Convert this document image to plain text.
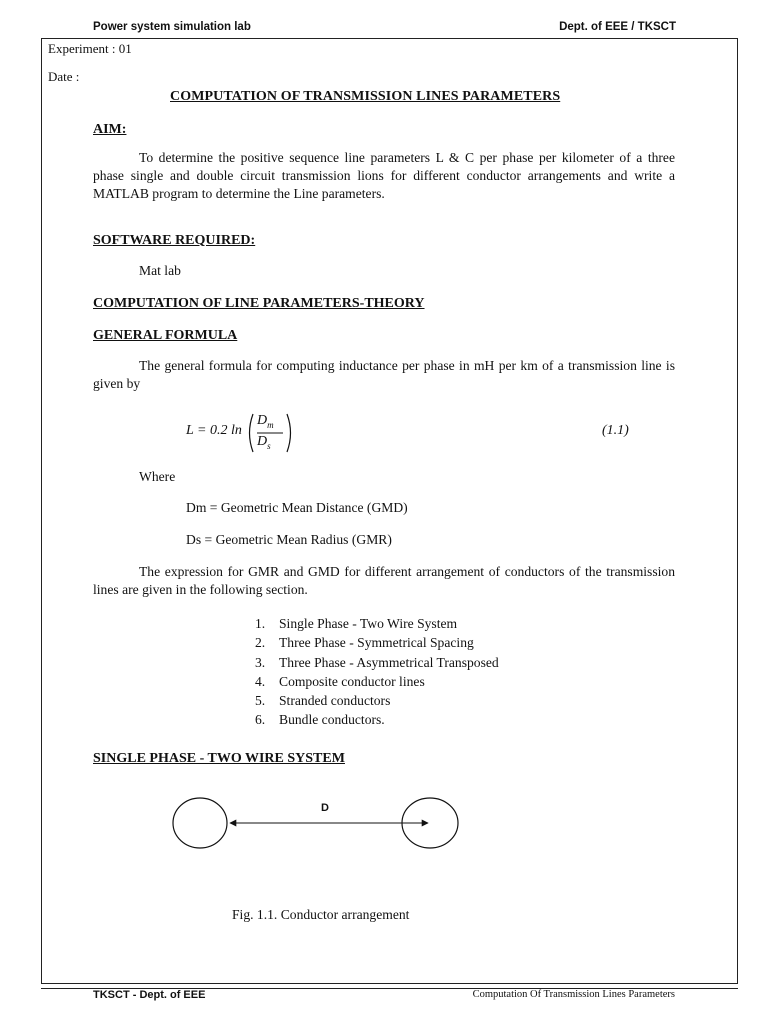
Power system simulation lab	Dept. of EEE / TKSCT
Experiment : 01
Date :
COMPUTATION OF TRANSMISSION LINES PARAMETERS
AIM:
To determine the positive sequence line parameters L & C per phase per kilometer of a three phase single and double circuit transmission lions for different conductor arrangements and write a MATLAB program to determine the Line parameters.
SOFTWARE REQUIRED:
Mat lab
COMPUTATION OF LINE PARAMETERS-THEORY
GENERAL FORMULA
The general formula for computing inductance per phase in mH per km of a transmission line is given by
L = 0.2 ln
$D_m$
$D_s$
(1.1)
Where
Dm = Geometric Mean Distance (GMD)
Ds = Geometric Mean Radius (GMR)
The expression for GMR and GMD for different arrangement of conductors of the transmission lines are given in the following section.
1. Single Phase - Two Wire System
2. Three Phase - Symmetrical Spacing
3. Three Phase - Asymmetrical Transposed
4. Composite conductor lines
5. Stranded conductors
6. Bundle conductors.
SINGLE PHASE - TWO WIRE SYSTEM
D
Fig. 1.1. Conductor arrangement
TKSCT - Dept. of EEE	Computation Of Transmission Lines Parameters
